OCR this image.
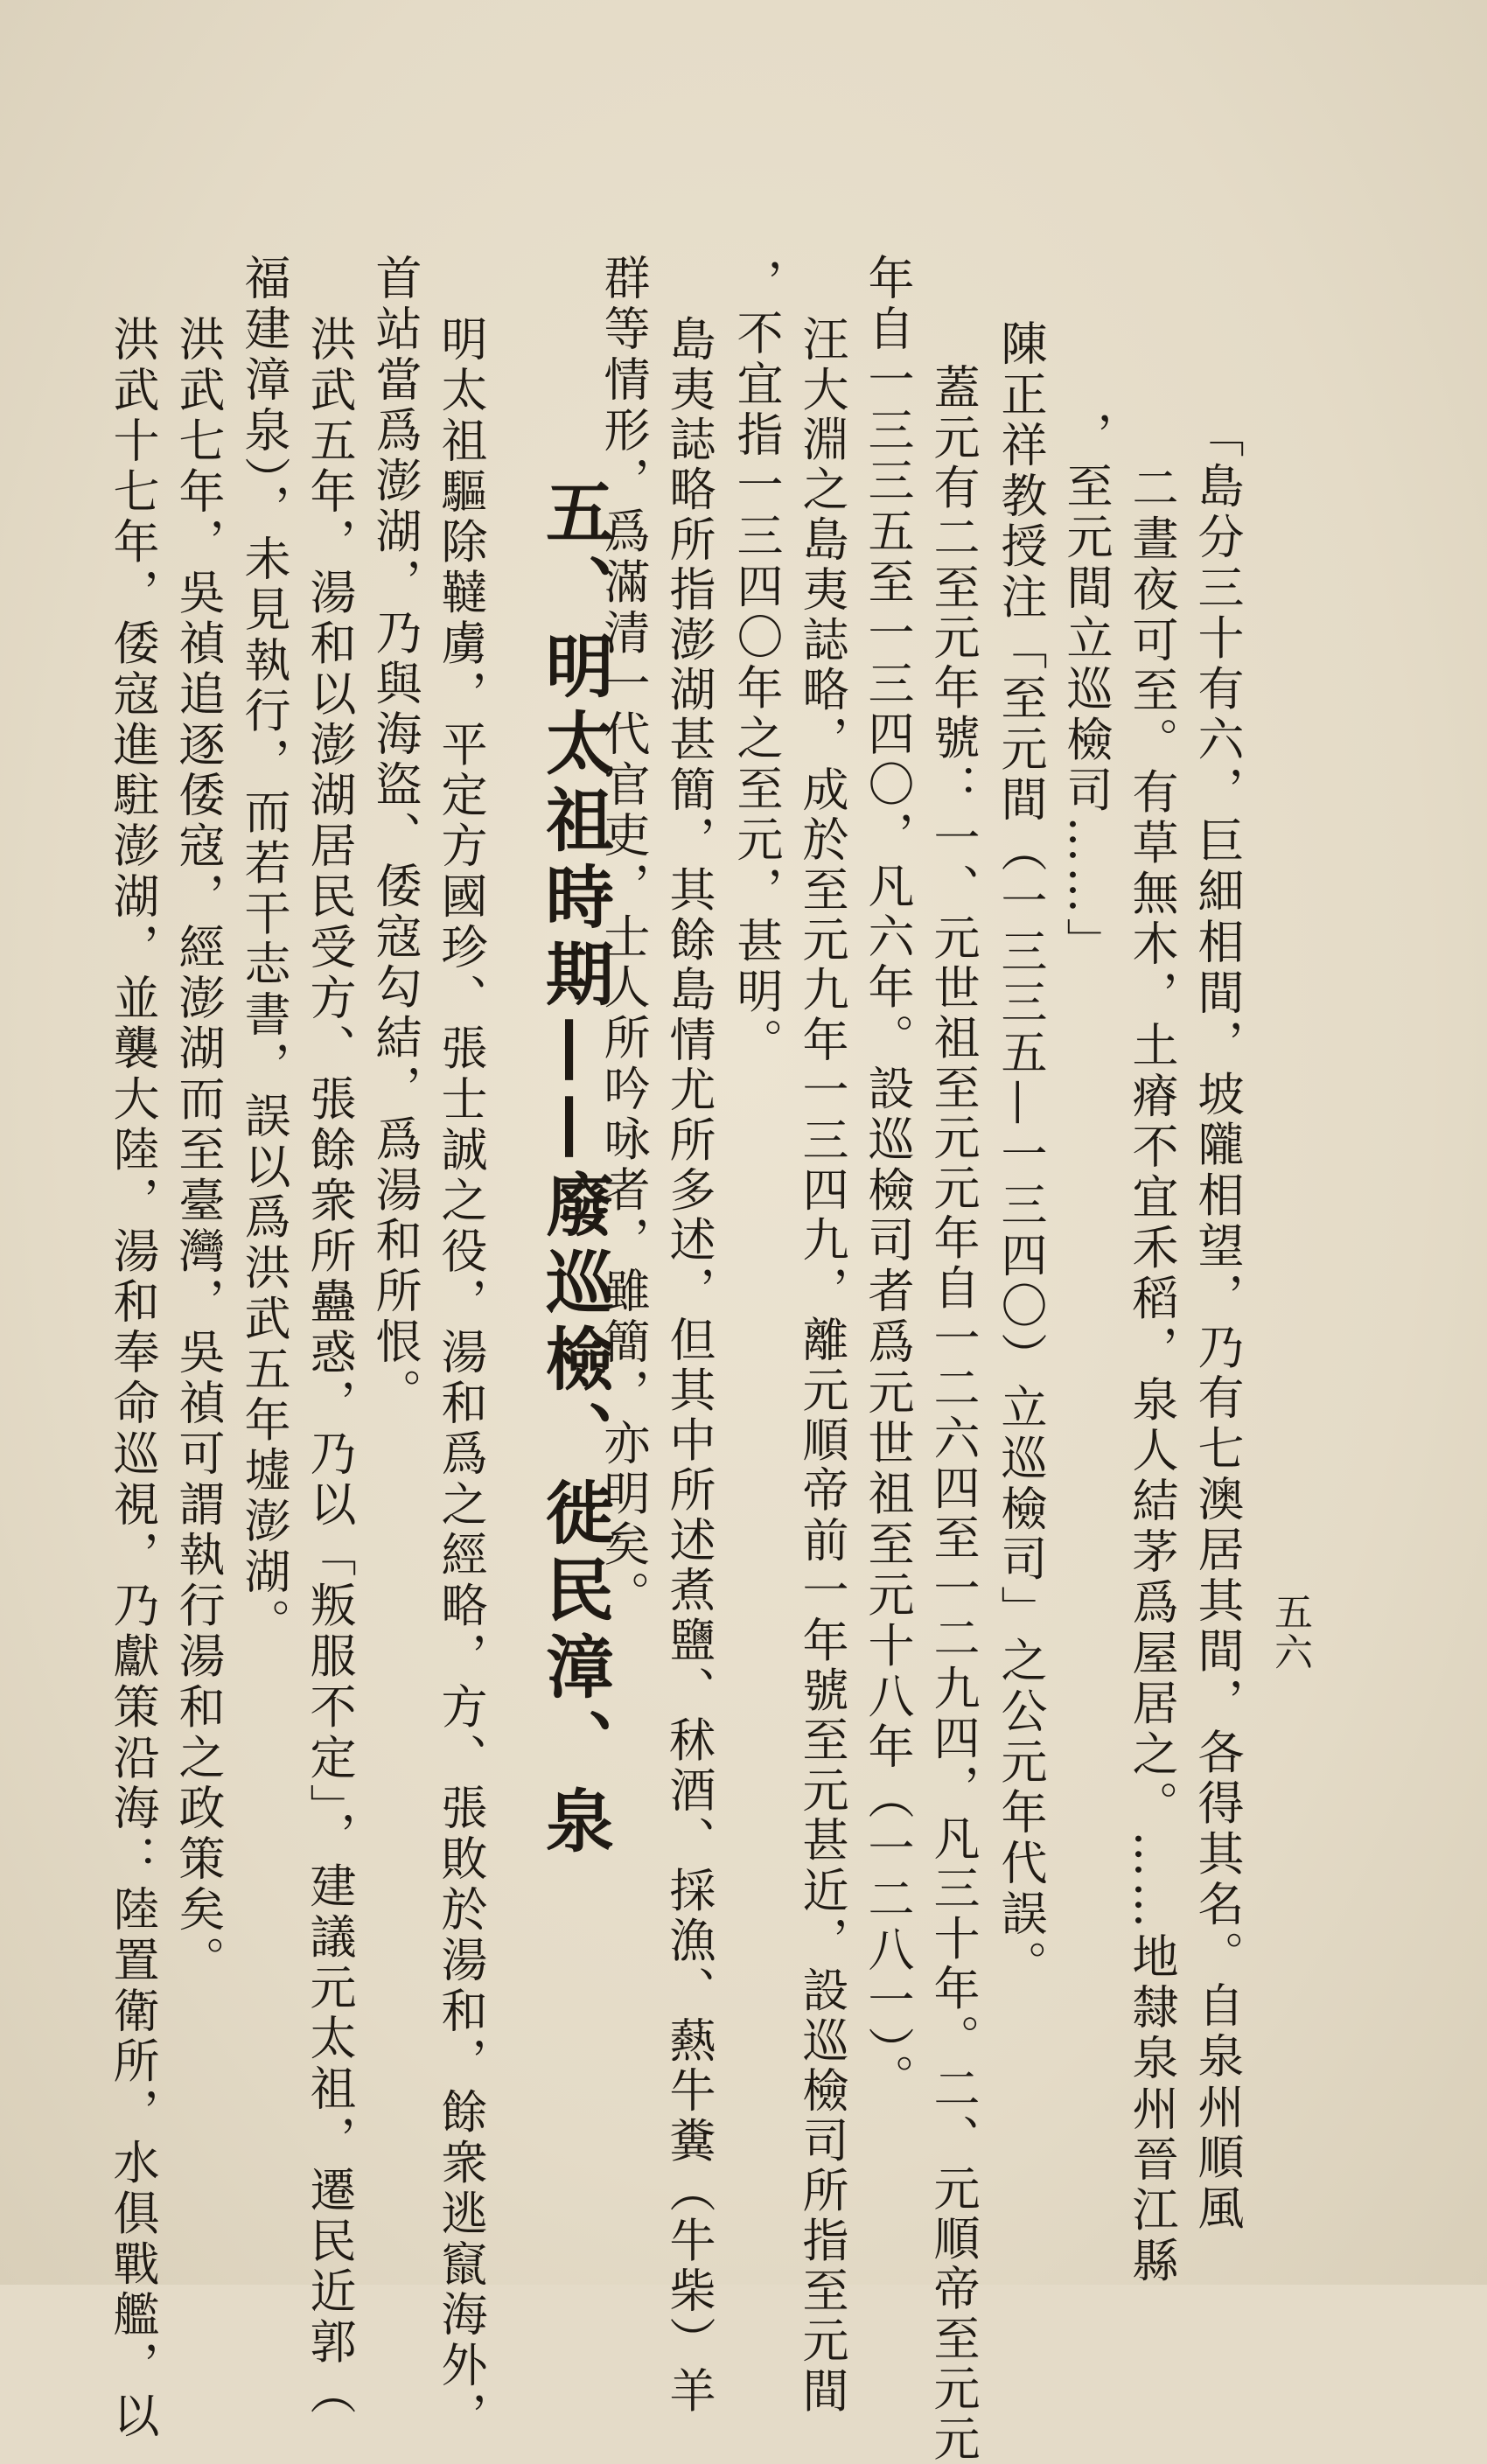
五六
「島分三十有六，巨細相間，坡隴相望，乃有七澳居其間，各得其名。自泉州順風
二晝夜可至。有草無木，土瘠不宜禾稻，泉人結茅爲屋居之。……地隸泉州晉江縣
，至元間立巡檢司……」
陳正祥教授注「至元間（一三三五—一三四〇）立巡檢司」之公元年代誤。
蓋元有二至元年號：一、元世祖至元元年自一二六四至一二九四，凡三十年。二、元順帝至元元
年自一三三五至一三四〇，凡六年。設巡檢司者爲元世祖至元十八年（一二八一）。
汪大淵之島夷誌略，成於至元九年一三四九，離元順帝前一年號至元甚近，設巡檢司所指至元間
，不宜指一三四〇年之至元，甚明。
島夷誌略所指澎湖甚簡，其餘島情尤所多述，但其中所述煮鹽、秫酒、採漁、爇牛糞（牛柴）羊
群等情形，爲滿清一代官吏，士人所吟咏者，雖簡，亦明矣。
五、明太祖時期——廢巡檢、徙民漳、泉
明太祖驅除韃虜，平定方國珍、張士誠之役，湯和爲之經略，方、張敗於湯和，餘衆逃竄海外，
首站當爲澎湖，乃與海盜、倭寇勾結，爲湯和所恨。
洪武五年，湯和以澎湖居民受方、張餘衆所蠱惑，乃以「叛服不定」，建議元太祖，遷民近郭（
福建漳泉），未見執行，而若干志書，誤以爲洪武五年墟澎湖。
洪武七年，吳禎追逐倭寇，經澎湖而至臺灣，吳禎可謂執行湯和之政策矣。
洪武十七年，倭寇進駐澎湖，並襲大陸，湯和奉命巡視，乃獻策沿海：陸置衛所，水俱戰艦，以
